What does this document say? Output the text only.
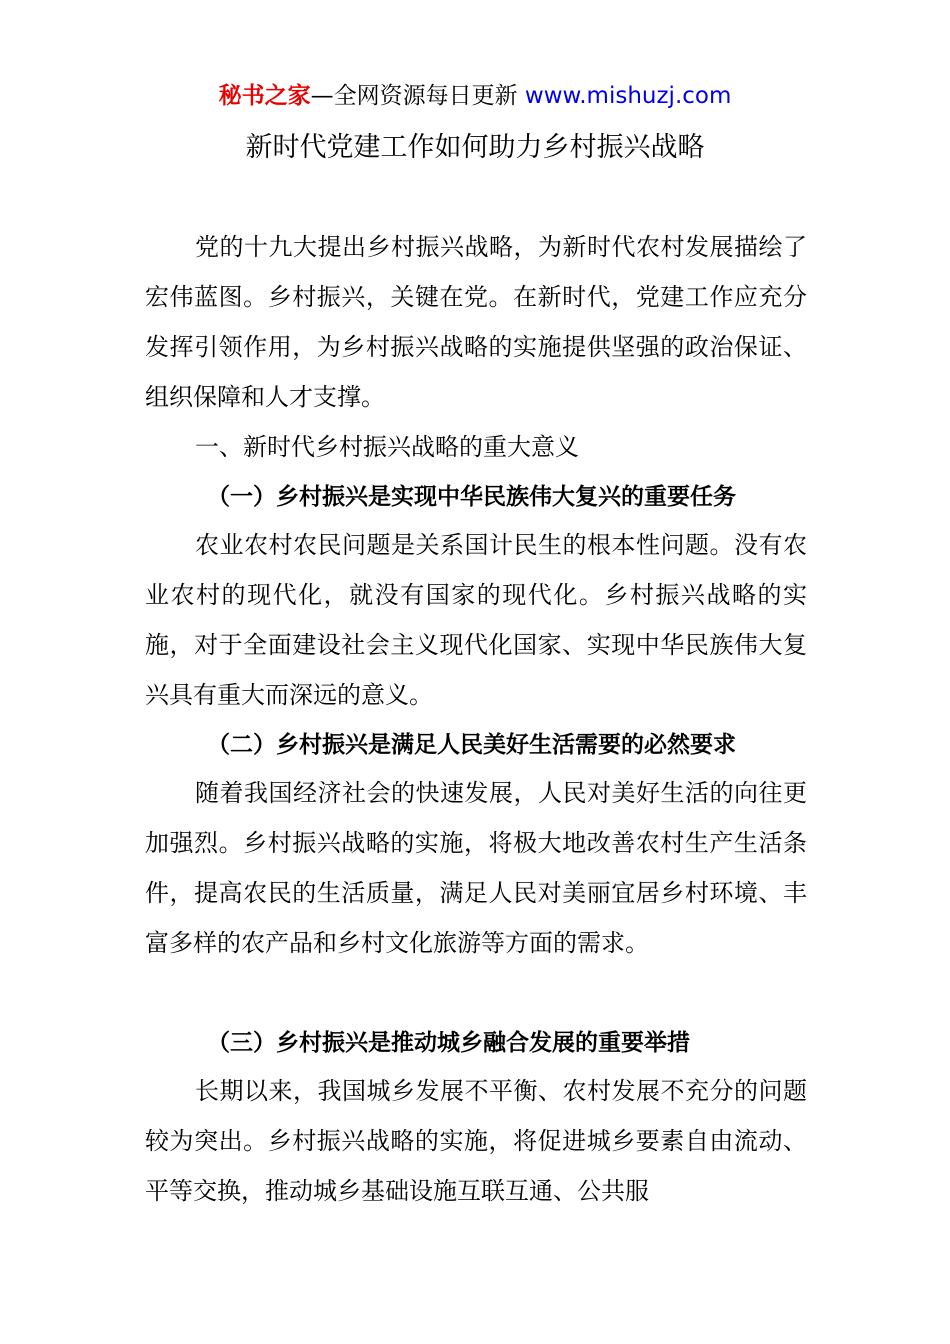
秘书之家—全网资源每日更新 www.mishuzj.com
新时代党建工作如何助力乡村振兴战略
党的十九大提出乡村振兴战略，为新时代农村发展描绘了宏伟蓝图。乡村振兴，关键在党。在新时代，党建工作应充分发挥引领作用，为乡村振兴战略的实施提供坚强的政治保证、组织保障和人才支撑。
一、新时代乡村振兴战略的重大意义
（一）乡村振兴是实现中华民族伟大复兴的重要任务
农业农村农民问题是关系国计民生的根本性问题。没有农业农村的现代化，就没有国家的现代化。乡村振兴战略的实施，对于全面建设社会主义现代化国家、实现中华民族伟大复兴具有重大而深远的意义。
（二）乡村振兴是满足人民美好生活需要的必然要求
随着我国经济社会的快速发展，人民对美好生活的向往更加强烈。乡村振兴战略的实施，将极大地改善农村生产生活条件，提高农民的生活质量，满足人民对美丽宜居乡村环境、丰富多样的农产品和乡村文化旅游等方面的需求。
（三）乡村振兴是推动城乡融合发展的重要举措
长期以来，我国城乡发展不平衡、农村发展不充分的问题较为突出。乡村振兴战略的实施，将促进城乡要素自由流动、平等交换，推动城乡基础设施互联互通、公共服
